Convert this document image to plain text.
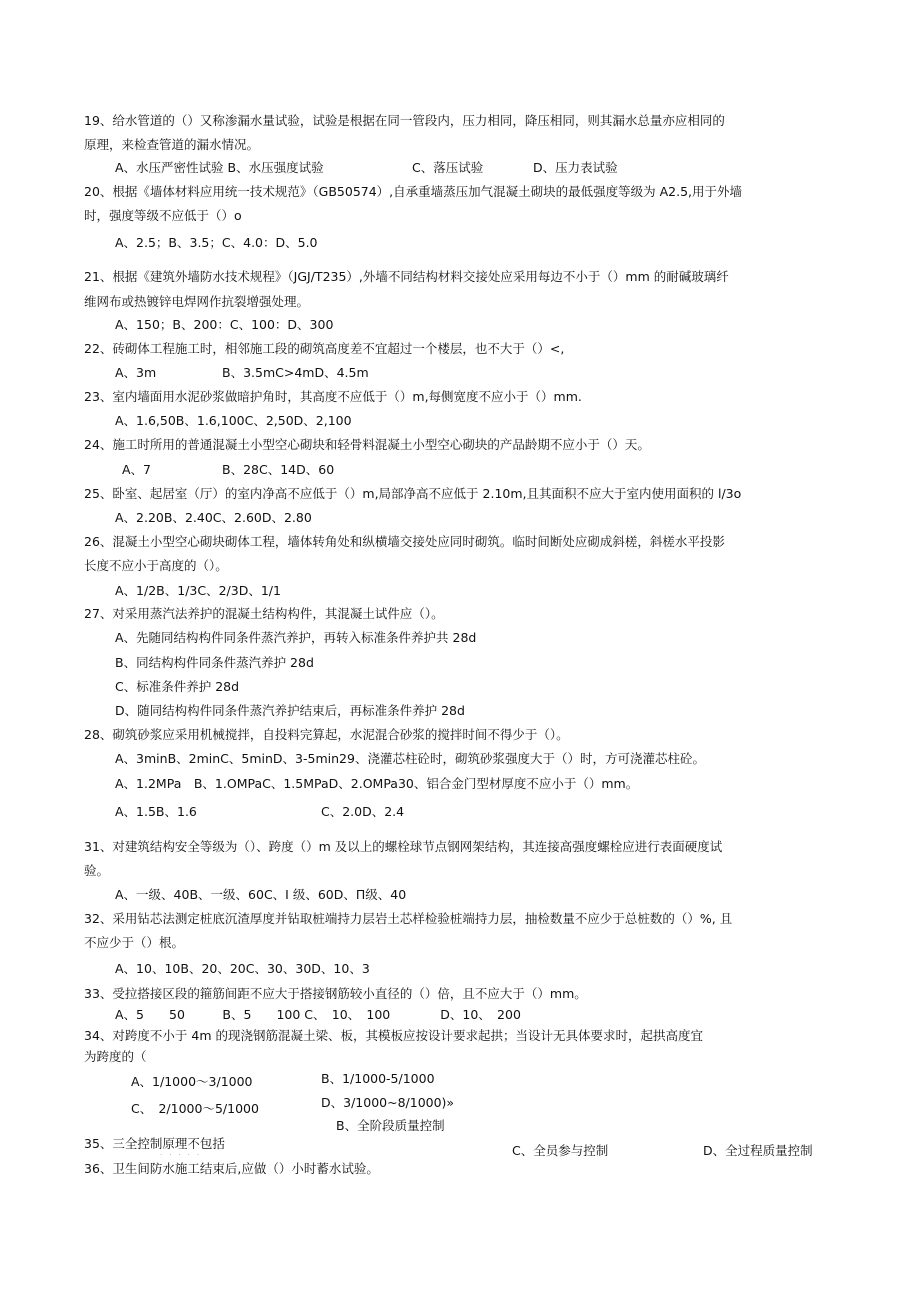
19、给水管道的（）又称渗漏水量试验，试验是根据在同一管段内，压力相同，降压相同，则其漏水总量亦应相同的
原理，来检查管道的漏水情况。
A、水压严密性试验 B、水压强度试验	C、落压试验	D、压力表试验
20、根据《墙体材料应用统一技术规范》（GB50574）,自承重墙蒸压加气混凝土砌块的最低强度等级为 A2.5,用于外墙
时，强度等级不应低于（）o
A、2.5；B、3.5；C、4.0：D、5.0
21、根据《建筑外墙防水技术规程》（JGJ/T235）,外墙不同结构材料交接处应采用每边不小于（）mm 的耐碱玻璃纤
维网布或热镀锌电焊网作抗裂增强处理。
A、150；B、200：C、100：D、300
22、砖砌体工程施工时，相邻施工段的砌筑高度差不宜超过一个楼层，也不大于（）<,
A、3m	B、3.5mC>4mD、4.5m
23、室内墙面用水泥砂浆做暗护角时，其高度不应低于（）m,每侧宽度不应小于（）mm.
A、1.6,50B、1.6,100C、2,50D、2,100
24、施工时所用的普通混凝土小型空心砌块和轻骨料混凝土小型空心砌块的产品龄期不应小于（）天。
A、7	B、28C、14D、60
25、卧室、起居室（厅）的室内净高不应低于（）m,局部净高不应低于 2.10m,且其面积不应大于室内使用面积的 l/3o
A、2.20B、2.40C、2.60D、2.80
26、混凝土小型空心砌块砌体工程，墙体转角处和纵横墙交接处应同时砌筑。临时间断处应砌成斜槎，斜槎水平投影
长度不应小于高度的（）。
A、1/2B、1/3C、2/3D、1/1
27、对采用蒸汽法养护的混凝土结构构件，其混凝土试件应（）。
A、先随同结构构件同条件蒸汽养护，再转入标准条件养护共 28d
B、同结构构件同条件蒸汽养护 28d
C、标准条件养护 28d
D、随同结构构件同条件蒸汽养护结束后，再标准条件养护 28d
28、砌筑砂浆应采用机械搅拌，自投料完算起，水泥混合砂浆的搅拌时间不得少于（）。
A、3minB、2minC、5minD、3-5min29、浇灌芯柱砼时，砌筑砂浆强度大于（）时，方可浇灌芯柱砼。
A、1.2MPa　B、1.OMPaC、1.5MPaD、2.OMPa30、铝合金门型材厚度不应小于（）mm。
A、1.5B、1.6	C、2.0D、2.4
31、对建筑结构安全等级为（）、跨度（）m 及以上的螺栓球节点钢网架结构，其连接高强度螺栓应进行表面硬度试
验。
A、一级、40B、一级、60C、I 级、60D、Π级、40
32、采用钻芯法测定桩底沉渣厚度并钻取桩端持力层岩土芯样检验桩端持力层，抽检数量不应少于总桩数的（）%, 且
不应少于（）根。
A、10、10B、20、20C、30、30D、10、3
33、受拉搭接区段的箍筋间距不应大于搭接钢筋较小直径的（）倍，且不应大于（）mm。
A、5　　50　　　B、5　　100 C、　10、　100　　　　D、10、　200
34、对跨度不小于 4m 的现浇钢筋混凝土梁、板，其模板应按设计要求起拱；当设计无具体要求时，起拱高度宜
为跨度的（
A、1/1000～3/1000	B、1/1000-5/1000
C、　2/1000～5/1000	D、3/1000~8/1000)»
B、全阶段质量控制
35、三全控制原理不包括	C、全员参与控制	D、全过程质量控制
·　·　·　·　·
36、卫生间防水施工结束后,应做（）小时蓄水试验。
